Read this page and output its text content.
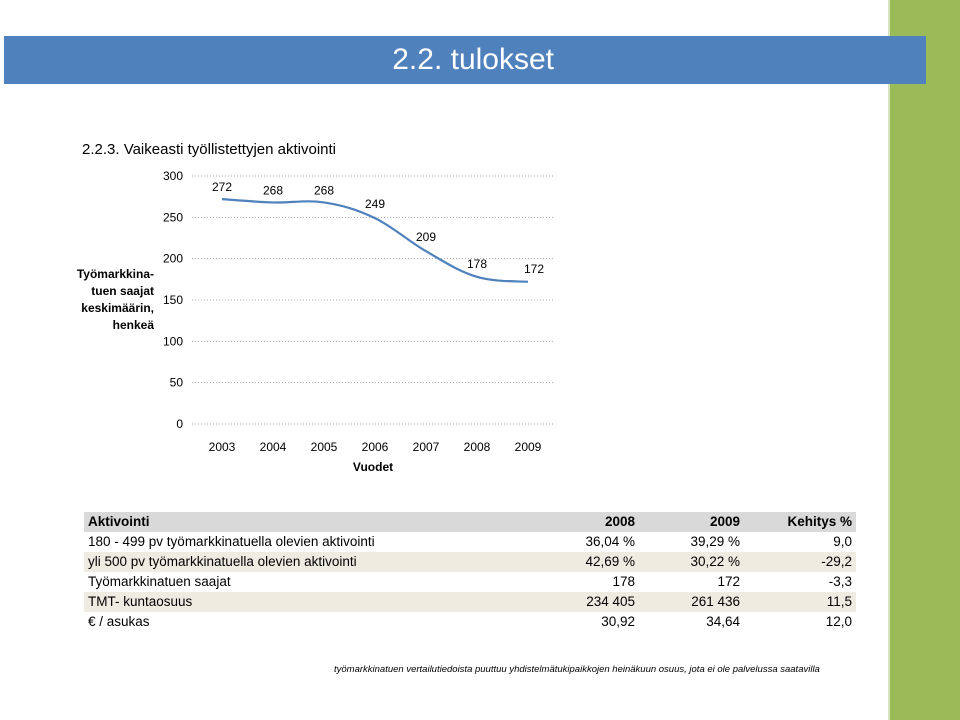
2.2. tulokset
2.2.3. Vaikeasti työllistettyjen aktivointi
0
50
100
150
200
250
300
2003 2004 2005 2006 2007 2008 2009
272	268	268
249
209
178	172
Työmarkkina-
tuen saajat
keskimäärin,
henkeä
Vuodet
Aktivointi	2008	2009	Kehitys %
180 - 499 pv työmarkkinatuella olevien aktivointi	36,04 %	39,29 %	9,0
yli 500 pv työmarkkinatuella olevien aktivointi	42,69 %	30,22 %	-29,2
Työmarkkinatuen saajat	178	172	-3,3
TMT- kuntaosuus	234 405	261 436	11,5
€ / asukas	30,92	34,64	12,0
työmarkkinatuen vertailutiedoista puuttuu yhdistelmätukipaikkojen heinäkuun osuus, jota ei ole palvelussa saatavilla
